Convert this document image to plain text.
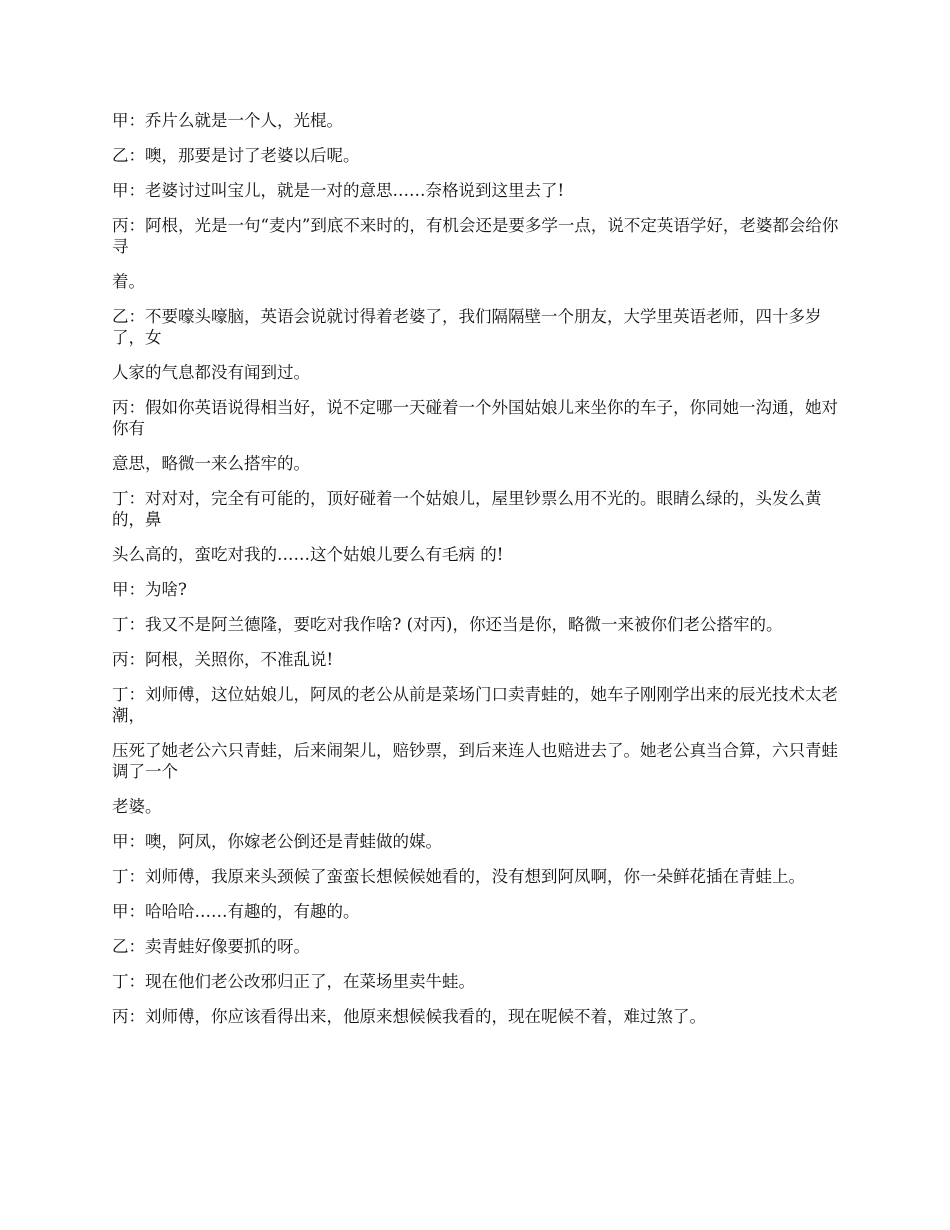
甲：乔片么就是一个人，光棍。

乙：噢，那要是讨了老婆以后呢。

甲：老婆讨过叫宝儿，就是一对的意思……奈格说到这里去了!

丙：阿根，光是一句“麦内”到底不来时的，有机会还是要多学一点，说不定英语学好，老婆都会给你寻

着。

乙：不要嚎头嚎脑，英语会说就讨得着老婆了，我们隔隔壁一个朋友，大学里英语老师，四十多岁了，女

人家的气息都没有闻到过。

丙：假如你英语说得相当好，说不定哪一天碰着一个外国姑娘儿来坐你的车子，你同她一沟通，她对你有

意思，略微一来么搭牢的。

丁：对对对，完全有可能的，顶好碰着一个姑娘儿，屋里钞票么用不光的。眼睛么绿的，头发么黄的，鼻

头么高的，蛮吃对我的……这个姑娘儿要么有毛病 的!

甲：为啥?

丁：我又不是阿兰德隆，要吃对我作啥? (对丙)，你还当是你，略微一来被你们老公搭牢的。

丙：阿根，关照你，不准乱说!

丁：刘师傅，这位姑娘儿，阿凤的老公从前是菜场门口卖青蛙的，她车子刚刚学出来的辰光技术太老潮，

压死了她老公六只青蛙，后来闹架儿，赔钞票，到后来连人也赔进去了。她老公真当合算，六只青蛙调了一个

老婆。

甲：噢，阿凤，你嫁老公倒还是青蛙做的媒。

丁：刘师傅，我原来头颈候了蛮蛮长想候候她看的，没有想到阿凤啊，你一朵鲜花插在青蛙上。

甲：哈哈哈……有趣的，有趣的。

乙：卖青蛙好像要抓的呀。

丁：现在他们老公改邪归正了，在菜场里卖牛蛙。

丙：刘师傅，你应该看得出来，他原来想候候我看的，现在呢候不着，难过煞了。
